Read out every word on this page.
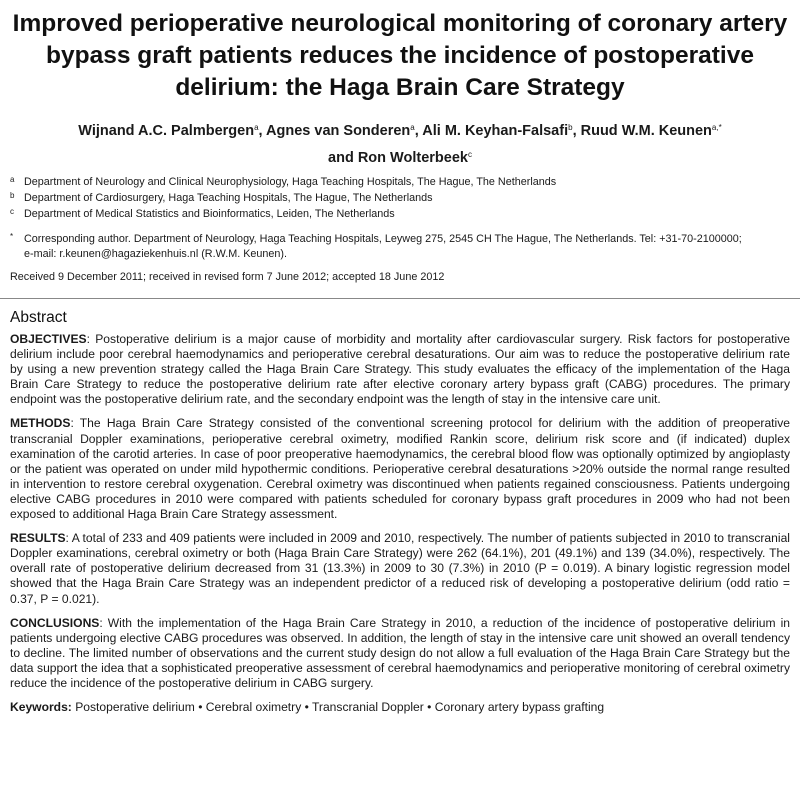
Improved perioperative neurological monitoring of coronary artery bypass graft patients reduces the incidence of postoperative delirium: the Haga Brain Care Strategy
Wijnand A.C. Palmbergen$^a$, Agnes van Sonderen$^a$, Ali M. Keyhan-Falsafi$^b$, Ruud W.M. Keunen$^{a,*}$
and Ron Wolterbeek$^c$
a Department of Neurology and Clinical Neurophysiology, Haga Teaching Hospitals, The Hague, The Netherlands
b Department of Cardiosurgery, Haga Teaching Hospitals, The Hague, The Netherlands
c Department of Medical Statistics and Bioinformatics, Leiden, The Netherlands
* Corresponding author. Department of Neurology, Haga Teaching Hospitals, Leyweg 275, 2545 CH The Hague, The Netherlands. Tel: +31-70-2100000;
e-mail: r.keunen@hagaziekenhuis.nl (R.W.M. Keunen).
Received 9 December 2011; received in revised form 7 June 2012; accepted 18 June 2012
Abstract

OBJECTIVES: Postoperative delirium is a major cause of morbidity and mortality after cardiovascular surgery. Risk factors for postoperative delirium include poor cerebral haemodynamics and perioperative cerebral desaturations. Our aim was to reduce the postoperative delirium rate by using a new prevention strategy called the Haga Brain Care Strategy. This study evaluates the efficacy of the implementation of the Haga Brain Care Strategy to reduce the postoperative delirium rate after elective coronary artery bypass graft (CABG) procedures. The primary endpoint was the postoperative delirium rate, and the secondary endpoint was the length of stay in the intensive care unit.

METHODS: The Haga Brain Care Strategy consisted of the conventional screening protocol for delirium with the addition of preoperative transcranial Doppler examinations, perioperative cerebral oximetry, modified Rankin score, delirium risk score and (if indicated) duplex examination of the carotid arteries. In case of poor preoperative haemodynamics, the cerebral blood flow was optionally optimized by angioplasty or the patient was operated on under mild hypothermic conditions. Perioperative cerebral desaturations >20% outside the normal range resulted in intervention to restore cerebral oxygenation. Cerebral oximetry was discontinued when patients regained consciousness. Patients undergoing elective CABG procedures in 2010 were compared with patients scheduled for coronary bypass graft procedures in 2009 who had not been exposed to additional Haga Brain Care Strategy assessment.

RESULTS: A total of 233 and 409 patients were included in 2009 and 2010, respectively. The number of patients subjected in 2010 to transcranial Doppler examinations, cerebral oximetry or both (Haga Brain Care Strategy) were 262 (64.1%), 201 (49.1%) and 139 (34.0%), respectively. The overall rate of postoperative delirium decreased from 31 (13.3%) in 2009 to 30 (7.3%) in 2010 (P = 0.019). A binary logistic regression model showed that the Haga Brain Care Strategy was an independent predictor of a reduced risk of developing a postoperative delirium (odd ratio = 0.37, P = 0.021).

CONCLUSIONS: With the implementation of the Haga Brain Care Strategy in 2010, a reduction of the incidence of postoperative delirium in patients undergoing elective CABG procedures was observed. In addition, the length of stay in the intensive care unit showed an overall tendency to decline. The limited number of observations and the current study design do not allow a full evaluation of the Haga Brain Care Strategy but the data support the idea that a sophisticated preoperative assessment of cerebral haemodynamics and perioperative monitoring of cerebral oximetry reduce the incidence of the postoperative delirium in CABG surgery.

Keywords: Postoperative delirium • Cerebral oximetry • Transcranial Doppler • Coronary artery bypass grafting
